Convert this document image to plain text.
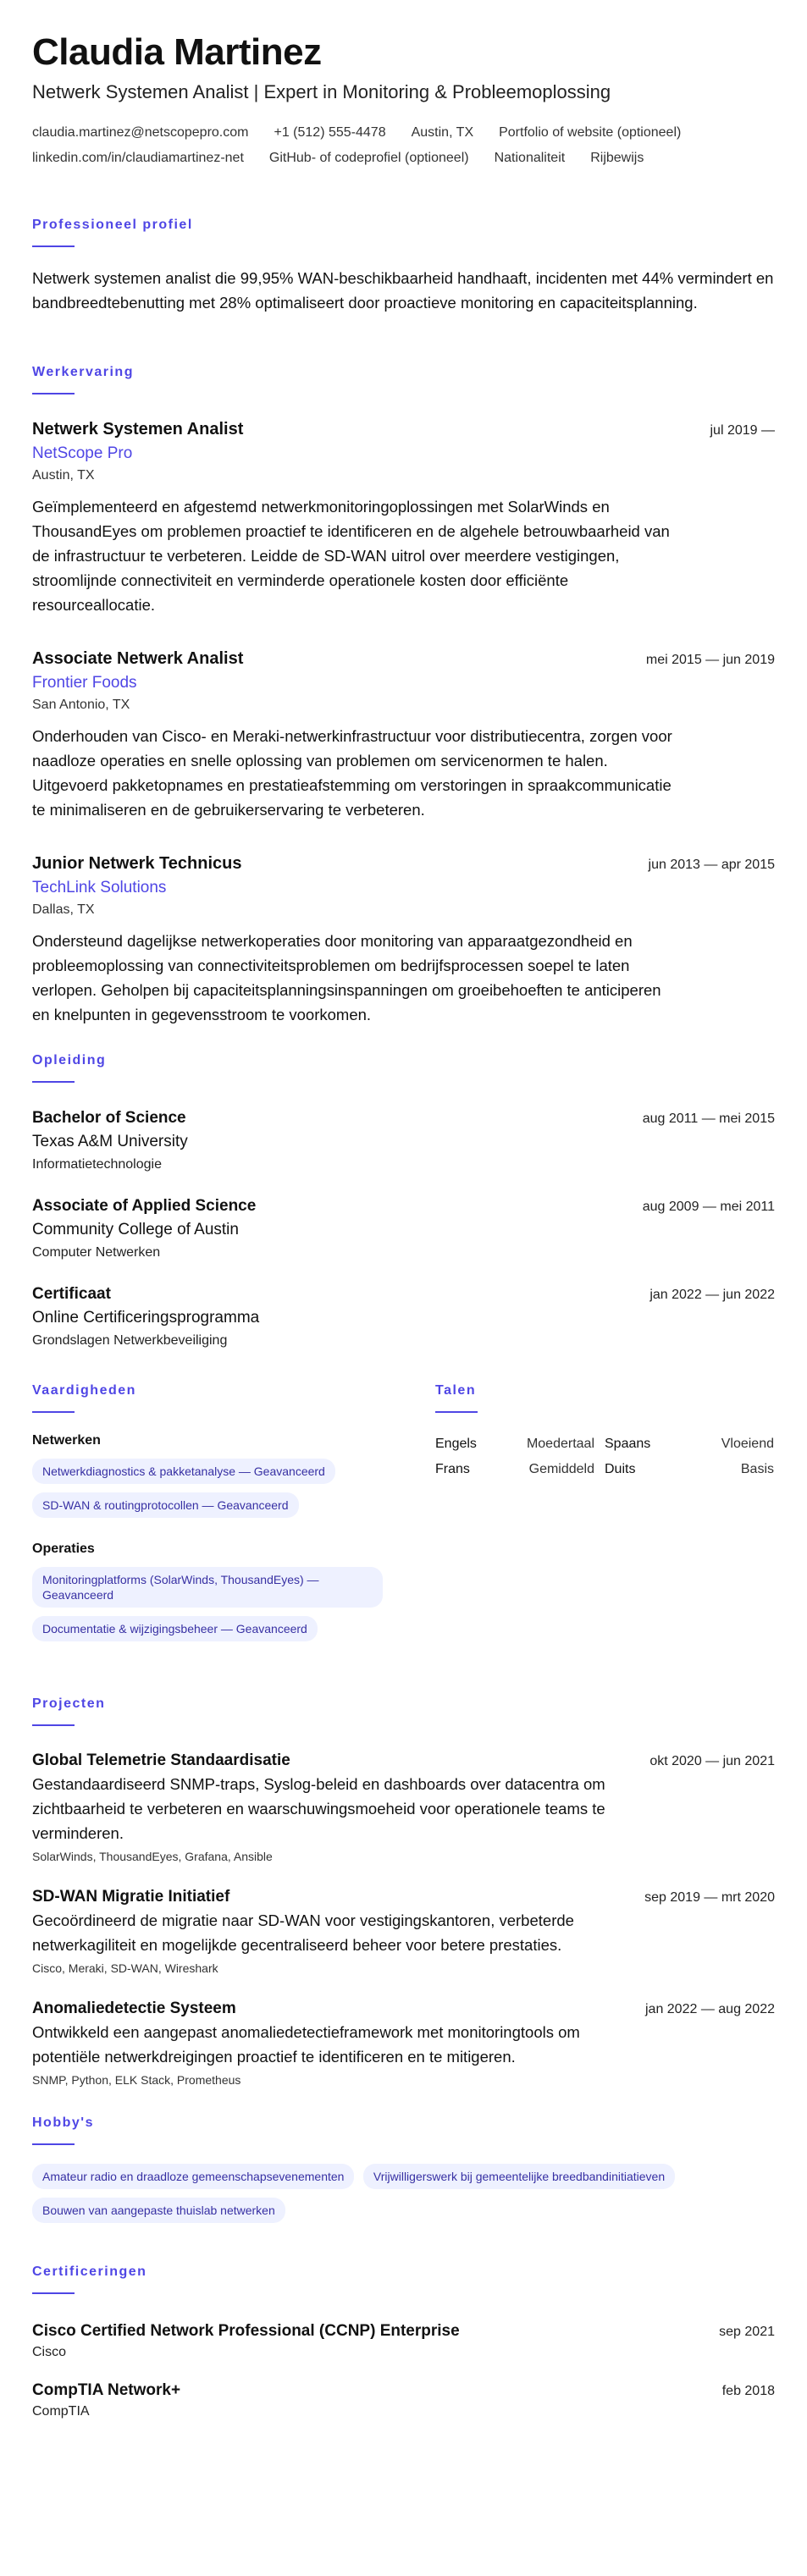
Claudia Martinez
Netwerk Systemen Analist | Expert in Monitoring & Probleemoplossing
claudia.martinez@netscopepro.com +1 (512) 555-4478 Austin, TX Portfolio of website (optioneel)
linkedin.com/in/claudiamartinez-net GitHub- of codeprofiel (optioneel) Nationaliteit Rijbewijs
Professioneel profiel

Netwerk systemen analist die 99,95% WAN-beschikbaarheid handhaaft, incidenten met 44% vermindert en bandbreedtebenutting met 28% optimaliseert door proactieve monitoring en capaciteitsplanning.

Werkervaring
Netwerk Systemen Analist	jul 2019 —
NetScope Pro
Austin, TX
Geïmplementeerd en afgestemd netwerkmonitoringoplossingen met SolarWinds en ThousandEyes om problemen proactief te identificeren en de algehele betrouwbaarheid van de infrastructuur te verbeteren. Leidde de SD-WAN uitrol over meerdere vestigingen, stroomlijnde connectiviteit en verminderde operationele kosten door efficiënte resourceallocatie.
Associate Netwerk Analist	mei 2015 — jun 2019
Frontier Foods
San Antonio, TX
Onderhouden van Cisco- en Meraki-netwerkinfrastructuur voor distributiecentra, zorgen voor naadloze operaties en snelle oplossing van problemen om servicenormen te halen. Uitgevoerd pakketopnames en prestatieafstemming om verstoringen in spraakcommunicatie te minimaliseren en de gebruikerservaring te verbeteren.
Junior Netwerk Technicus	jun 2013 — apr 2015
TechLink Solutions
Dallas, TX
Ondersteund dagelijkse netwerkoperaties door monitoring van apparaatgezondheid en probleemoplossing van connectiviteitsproblemen om bedrijfsprocessen soepel te laten verlopen. Geholpen bij capaciteitsplanningsinspanningen om groeibehoeften te anticiperen en knelpunten in gegevensstroom te voorkomen.
Opleiding
Bachelor of Science	aug 2011 — mei 2015
Texas A&M University
Informatietechnologie
Associate of Applied Science	aug 2009 — mei 2011
Community College of Austin
Computer Netwerken
Certificaat	jan 2022 — jun 2022
Online Certificeringsprogramma
Grondslagen Netwerkbeveiliging
Vaardigheden
Netwerken
Netwerkdiagnostics & pakketanalyse — Geavanceerd
SD-WAN & routingprotocollen — Geavanceerd
Operaties
Monitoringplatforms (SolarWinds, ThousandEyes) — Geavanceerd
Documentatie & wijzigingsbeheer — Geavanceerd
Talen
Engels	Moedertaal Spaans	Vloeiend
Frans	Gemiddeld Duits	Basis
Projecten
Global Telemetrie Standaardisatie	okt 2020 — jun 2021
Gestandaardiseerd SNMP-traps, Syslog-beleid en dashboards over datacentra om zichtbaarheid te verbeteren en waarschuwingsmoeheid voor operationele teams te verminderen.
SolarWinds, ThousandEyes, Grafana, Ansible
SD-WAN Migratie Initiatief	sep 2019 — mrt 2020
Gecoördineerd de migratie naar SD-WAN voor vestigingskantoren, verbeterde netwerkagiliteit en mogelijkde gecentraliseerd beheer voor betere prestaties.
Cisco, Meraki, SD-WAN, Wireshark
Anomaliedetectie Systeem	jan 2022 — aug 2022
Ontwikkeld een aangepast anomaliedetectieframework met monitoringtools om potentiële netwerkdreigingen proactief te identificeren en te mitigeren.
SNMP, Python, ELK Stack, Prometheus
Hobby's
Amateur radio en draadloze gemeenschapsevenementen Vrijwilligerswerk bij gemeentelijke breedbandinitiatieven Bouwen van aangepaste thuislab netwerken
Certificeringen
Cisco Certified Network Professional (CCNP) Enterprise	sep 2021
Cisco
CompTIA Network+	feb 2018
CompTIA
